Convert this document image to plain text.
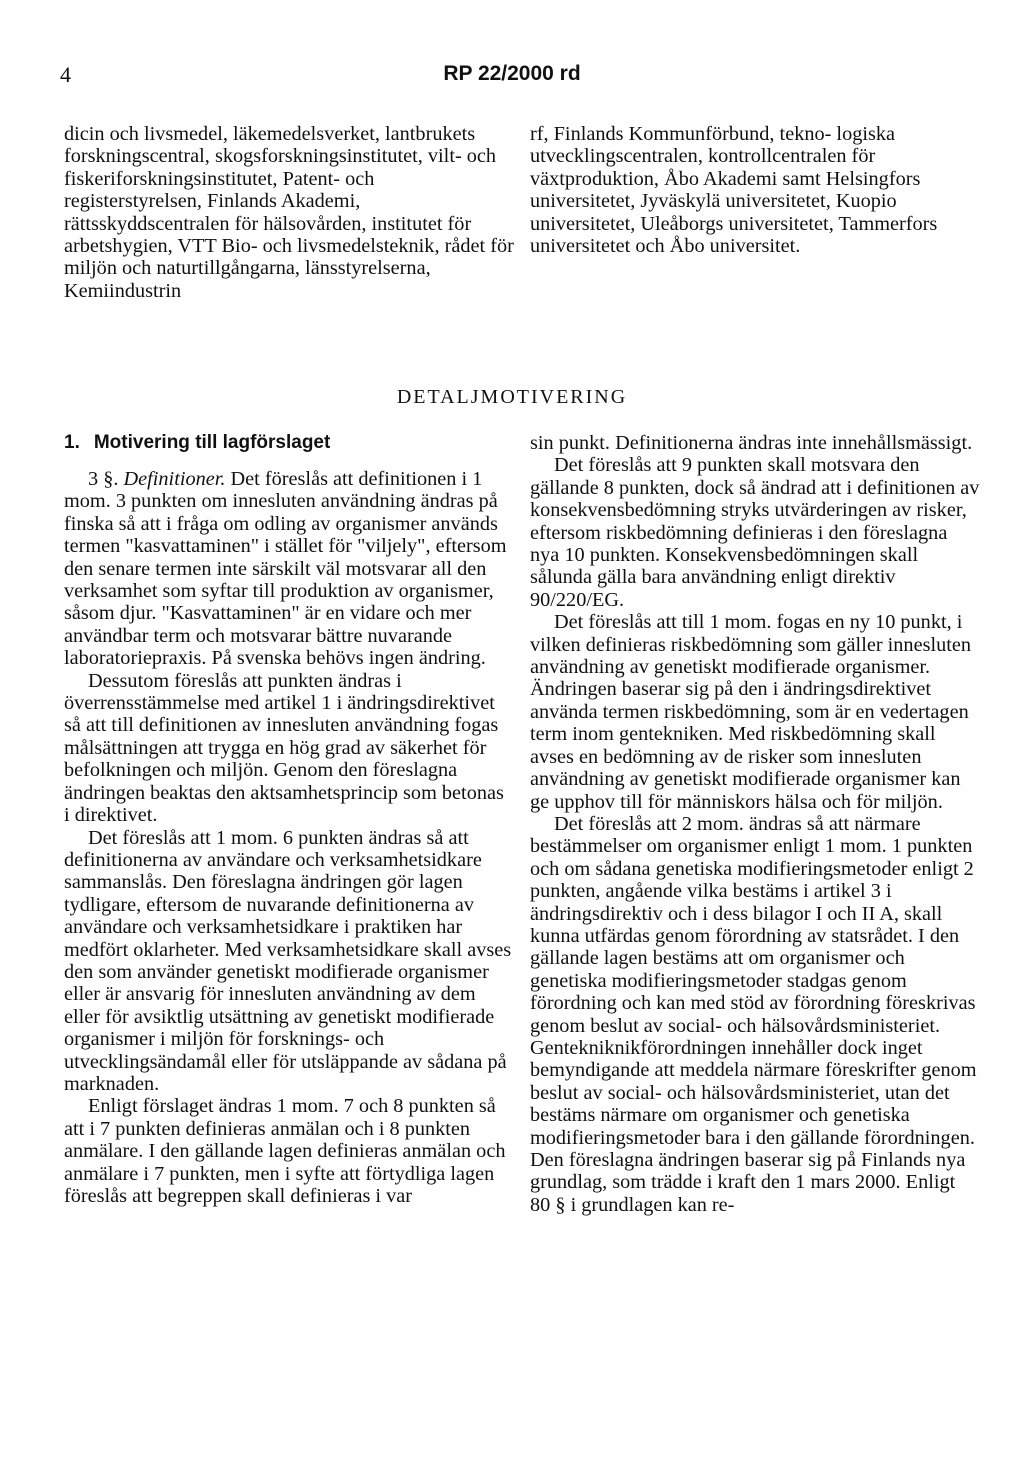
4	RP 22/2000 rd

dicin och livsmedel, läkemedelsverket, lantbrukets forskningscentral, skogsforskningsinstitutet, vilt- och fiskeriforskningsinstitutet, Patent- och registerstyrelsen, Finlands Akademi, rättsskyddscentralen för hälsovården, institutet för arbetshygien, VTT Bio- och livsmedelsteknik, rådet för miljön och naturtillgångarna, länsstyrelserna, Kemiindustrin

rf, Finlands Kommunförbund, tekno- logiska utvecklingscentralen, kontrollcentralen för växtproduktion, Åbo Akademi samt Helsingfors universitetet, Jyväskylä universitetet, Kuopio universitetet, Uleåborgs universitetet, Tammerfors universitetet och Åbo universitet.

DETALJMOTIVERING

1. Motivering till lagförslaget

3 §. Definitioner. Det föreslås att definitionen i 1 mom. 3 punkten om innesluten användning ändras på finska så att i fråga om odling av organismer används termen "kasvattaminen" i stället för "viljely", eftersom den senare termen inte särskilt väl motsvarar all den verksamhet som syftar till produktion av organismer, såsom djur. "Kasvattaminen" är en vidare och mer användbar term och motsvarar bättre nuvarande laboratoriepraxis. På svenska behövs ingen ändring.

Dessutom föreslås att punkten ändras i överrensstämmelse med artikel 1 i ändringsdirektivet så att till definitionen av innesluten användning fogas målsättningen att trygga en hög grad av säkerhet för befolkningen och miljön. Genom den föreslagna ändringen beaktas den aktsamhetsprincip som betonas i direktivet.

Det föreslås att 1 mom. 6 punkten ändras så att definitionerna av användare och verksamhetsidkare sammanslås. Den föreslagna ändringen gör lagen tydligare, eftersom de nuvarande definitionerna av användare och verksamhetsidkare i praktiken har medfört oklarheter. Med verksamhetsidkare skall avses den som använder genetiskt modifierade organismer eller är ansvarig för innesluten användning av dem eller för avsiktlig utsättning av genetiskt modifierade organismer i miljön för forsknings- och utvecklingsändamål eller för utsläppande av sådana på marknaden.

Enligt förslaget ändras 1 mom. 7 och 8 punkten så att i 7 punkten definieras anmälan och i 8 punkten anmälare. I den gällande lagen definieras anmälan och anmälare i 7 punkten, men i syfte att förtydliga lagen föreslås att begreppen skall definieras i var

sin punkt. Definitionerna ändras inte innehållsmässigt.

Det föreslås att 9 punkten skall motsvara den gällande 8 punkten, dock så ändrad att i definitionen av konsekvensbedömning stryks utvärderingen av risker, eftersom riskbedömning definieras i den föreslagna nya 10 punkten. Konsekvensbedömningen skall sålunda gälla bara användning enligt direktiv 90/220/EG.

Det föreslås att till 1 mom. fogas en ny 10 punkt, i vilken definieras riskbedömning som gäller innesluten användning av genetiskt modifierade organismer. Ändringen baserar sig på den i ändringsdirektivet använda termen riskbedömning, som är en vedertagen term inom gentekniken. Med riskbedömning skall avses en bedömning av de risker som innesluten användning av genetiskt modifierade organismer kan ge upphov till för människors hälsa och för miljön.

Det föreslås att 2 mom. ändras så att närmare bestämmelser om organismer enligt 1 mom. 1 punkten och om sådana genetiska modifieringsmetoder enligt 2 punkten, angående vilka bestäms i artikel 3 i ändringsdirektiv och i dess bilagor I och II A, skall kunna utfärdas genom förordning av statsrådet. I den gällande lagen bestäms att om organismer och genetiska modifieringsmetoder stadgas genom förordning och kan med stöd av förordning föreskrivas genom beslut av social- och hälsovårdsministeriet. Gentekniknikförordningen innehåller dock inget bemyndigande att meddela närmare föreskrifter genom beslut av social- och hälsovårdsministeriet, utan det bestäms närmare om organismer och genetiska modifieringsmetoder bara i den gällande förordningen. Den föreslagna ändringen baserar sig på Finlands nya grundlag, som trädde i kraft den 1 mars 2000. Enligt 80 § i grundlagen kan re-
